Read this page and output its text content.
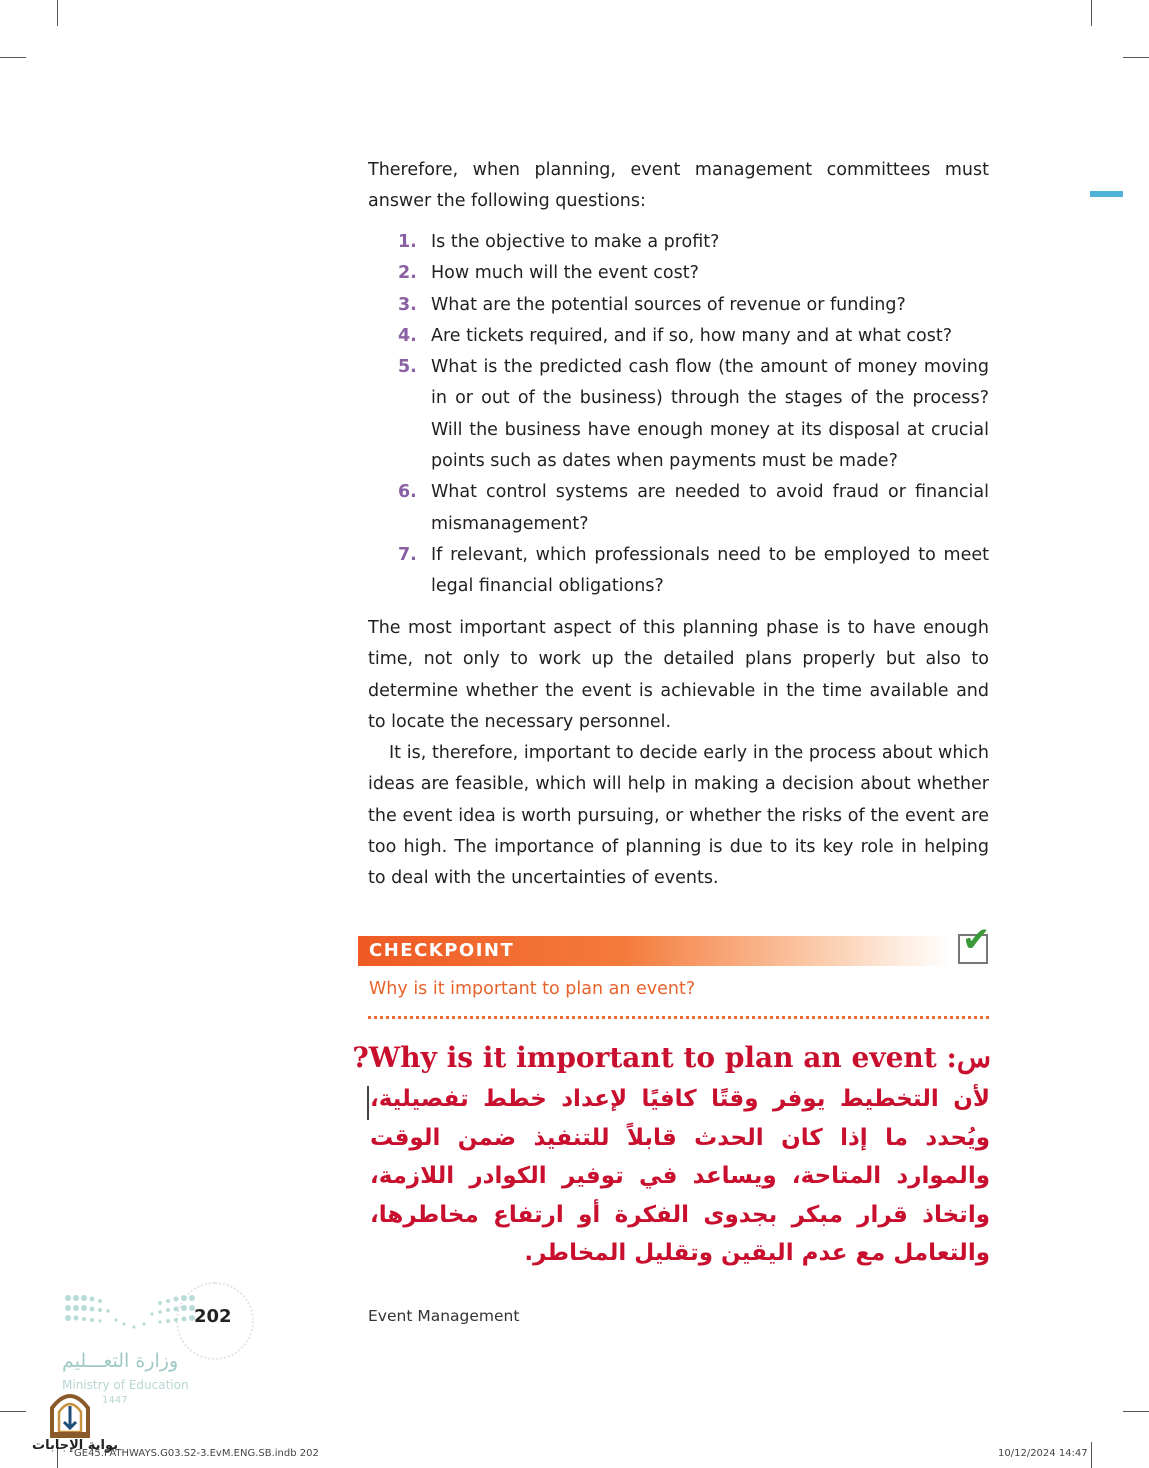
Therefore, when planning, event management committees must answer the following questions:

1. Is the objective to make a profit?
2. How much will the event cost?
3. What are the potential sources of revenue or funding?
4. Are tickets required, and if so, how many and at what cost?
5. What is the predicted cash flow (the amount of money moving in or out of the business) through the stages of the process? Will the business have enough money at its disposal at crucial points such as dates when payments must be made?
6. What control systems are needed to avoid fraud or financial mismanagement?
7. If relevant, which professionals need to be employed to meet legal financial obligations?

The most important aspect of this planning phase is to have enough time, not only to work up the detailed plans properly but also to determine whether the event is achievable in the time available and to locate the necessary personnel.

It is, therefore, important to decide early in the process about which ideas are feasible, which will help in making a decision about whether the event idea is worth pursuing, or whether the risks of the event are too high. The importance of planning is due to its key role in helping to deal with the uncertainties of events.

CHECKPOINT	✔
Why is it important to plan an event?
س: Why is it important to plan an event?
لأن التخطيط يوفر وقتًا كافيًا لإعداد خطط تفصيلية، ويُحدد ما إذا كان الحدث قابلاً للتنفيذ ضمن الوقت والموارد المتاحة، ويساعد في توفير الكوادر اللازمة، واتخاذ قرار مبكر بجدوى الفكرة أو ارتفاع مخاطرها، والتعامل مع عدم اليقين وتقليل المخاطر.
202	Event Management
وزارة التعـــليم
Ministry of Education
1447
بوابة الإجابات
GE45.PATHWAYS.G03.S2-3.EvM.ENG.SB.indb 202	10/12/2024 14:47
